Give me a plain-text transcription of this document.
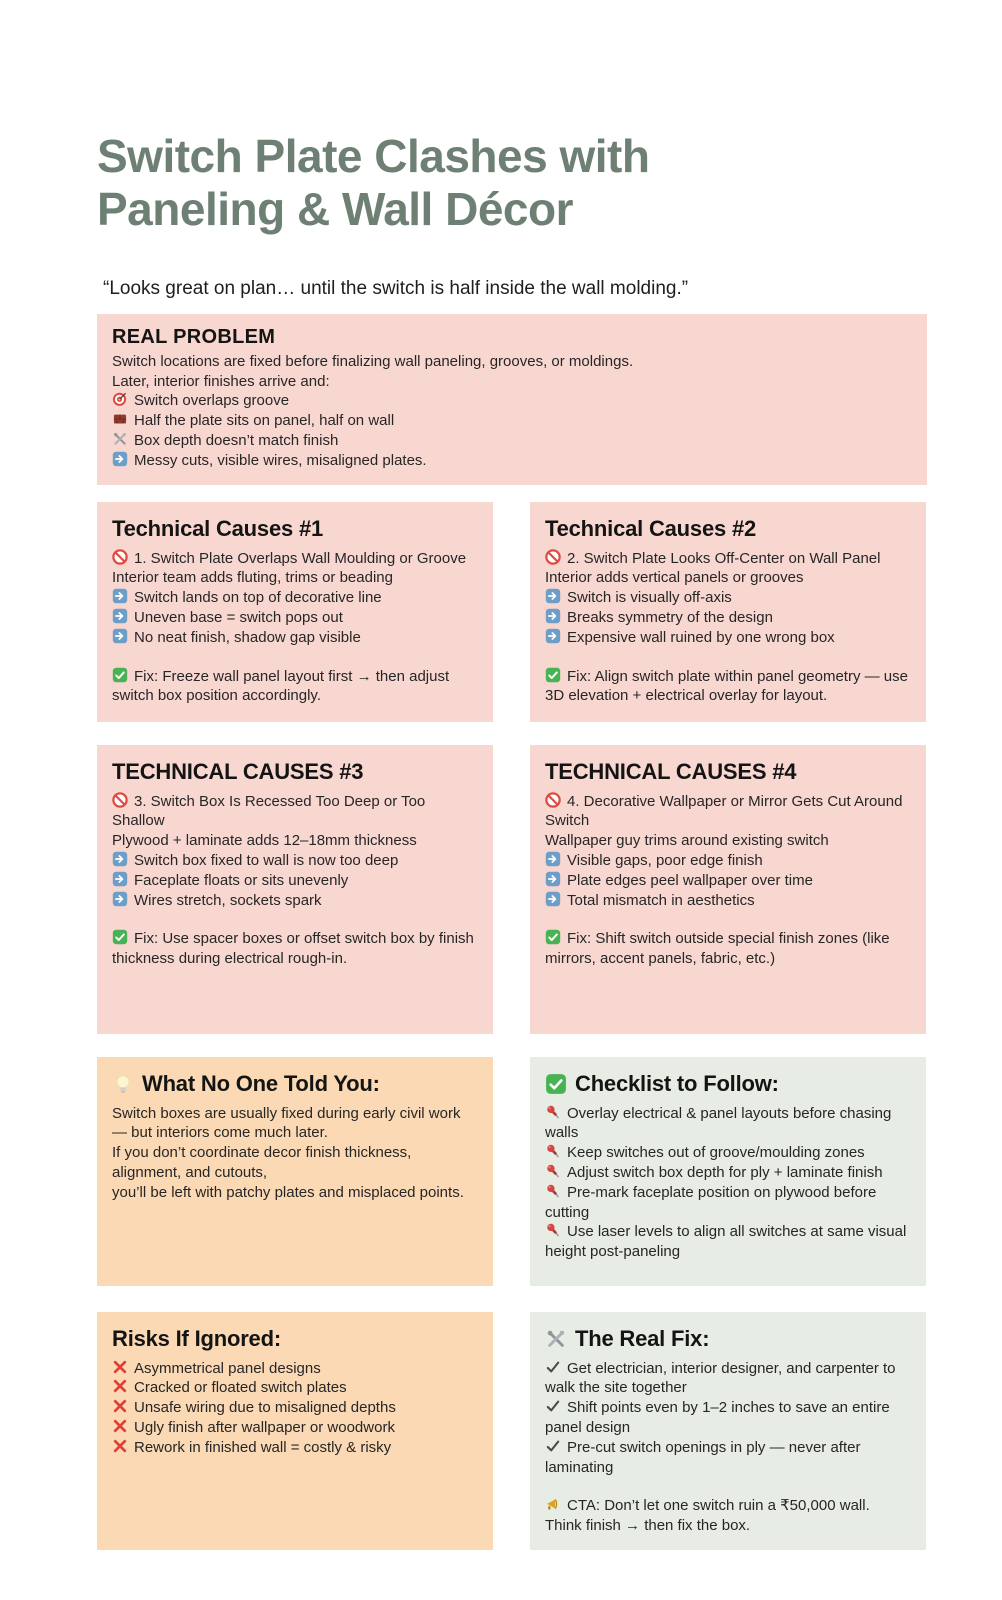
Switch Plate Clashes with
Paneling & Wall Décor

“Looks great on plan… until the switch is half inside the wall molding.”

REAL PROBLEM

Switch locations are fixed before finalizing wall paneling, grooves, or moldings.

Later, interior finishes arrive and:

Switch overlaps groove

Half the plate sits on panel, half on wall

Box depth doesn’t match finish

Messy cuts, visible wires, misaligned plates.

Technical Causes #1

1. Switch Plate Overlaps Wall Moulding or Groove

Interior team adds fluting, trims or beading

Switch lands on top of decorative line

Uneven base = switch pops out

No neat finish, shadow gap visible

Fix: Freeze wall panel layout first → then adjust switch box position accordingly.

Technical Causes #2

2. Switch Plate Looks Off-Center on Wall Panel

Interior adds vertical panels or grooves

Switch is visually off-axis

Breaks symmetry of the design

Expensive wall ruined by one wrong box

Fix: Align switch plate within panel geometry — use 3D elevation + electrical overlay for layout.

TECHNICAL CAUSES #3

3. Switch Box Is Recessed Too Deep or Too Shallow

Plywood + laminate adds 12–18mm thickness

Switch box fixed to wall is now too deep

Faceplate floats or sits unevenly

Wires stretch, sockets spark

Fix: Use spacer boxes or offset switch box by finish thickness during electrical rough-in.

TECHNICAL CAUSES #4

4. Decorative Wallpaper or Mirror Gets Cut Around Switch

Wallpaper guy trims around existing switch

Visible gaps, poor edge finish

Plate edges peel wallpaper over time

Total mismatch in aesthetics

Fix: Shift switch outside special finish zones (like mirrors, accent panels, fabric, etc.)

What No One Told You:

Switch boxes are usually fixed during early civil work — but interiors come much later.

If you don’t coordinate decor finish thickness, alignment, and cutouts,

you’ll be left with patchy plates and misplaced points.

Checklist to Follow:

Overlay electrical & panel layouts before chasing walls

Keep switches out of groove/moulding zones

Adjust switch box depth for ply + laminate finish

Pre-mark faceplate position on plywood before cutting

Use laser levels to align all switches at same visual height post-paneling

Risks If Ignored:

Asymmetrical panel designs

Cracked or floated switch plates

Unsafe wiring due to misaligned depths

Ugly finish after wallpaper or woodwork

Rework in finished wall = costly & risky

The Real Fix:

Get electrician, interior designer, and carpenter to walk the site together

Shift points even by 1–2 inches to save an entire panel design

Pre-cut switch openings in ply — never after laminating

CTA: Don’t let one switch ruin a ₹50,000 wall.

Think finish → then fix the box.
